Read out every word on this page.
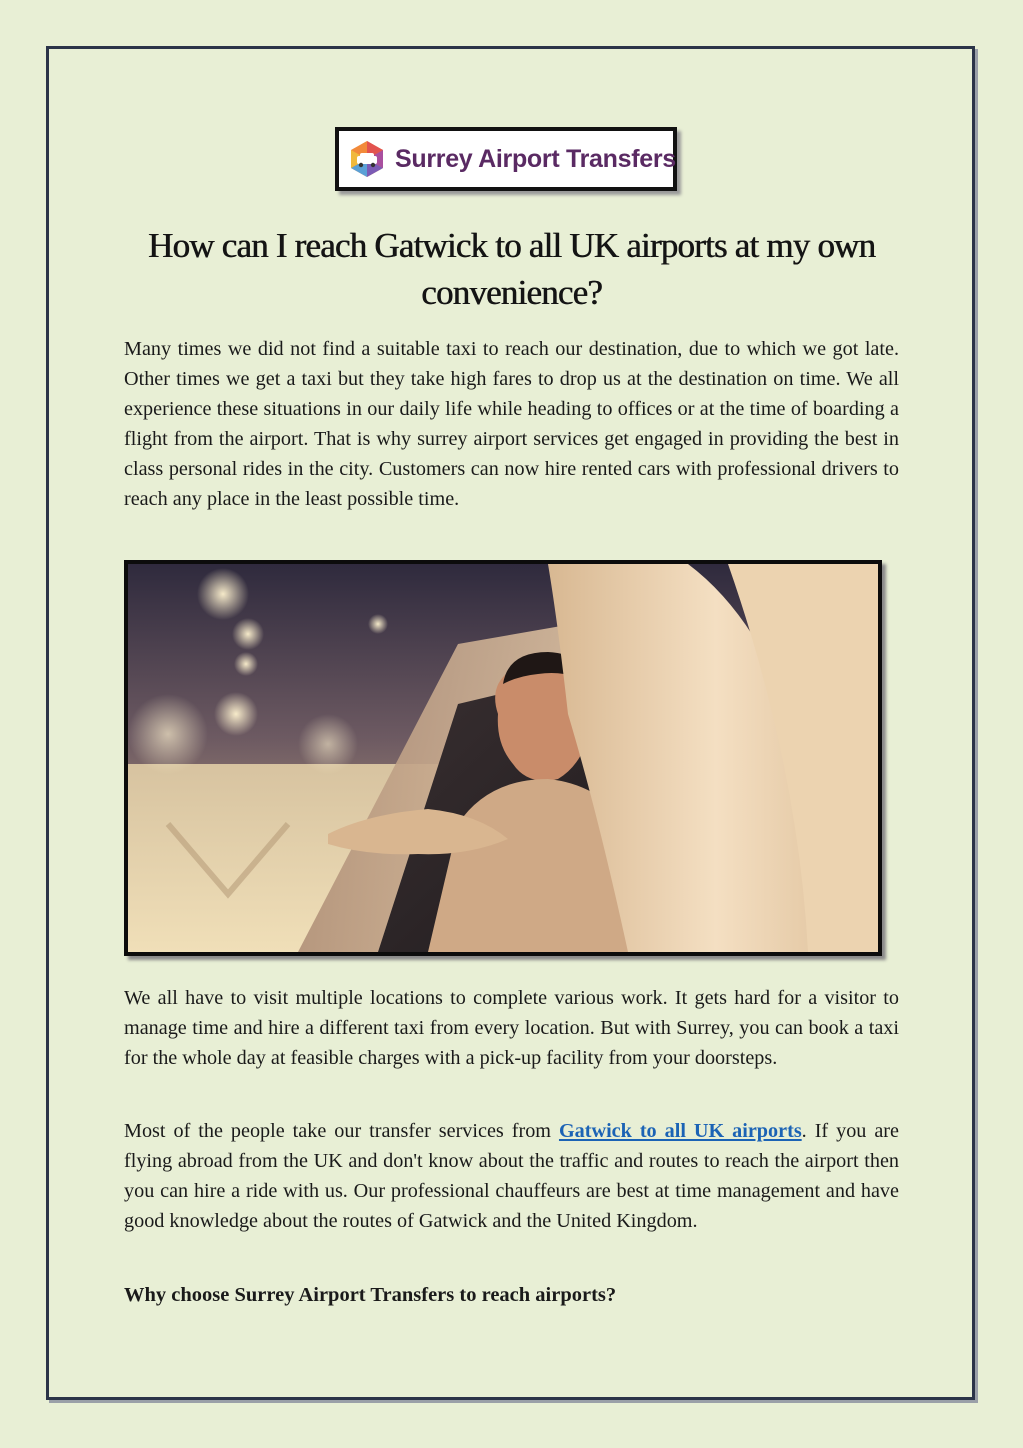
Surrey Airport Transfers
How can I reach Gatwick to all UK airports at my own convenience?

Many times we did not find a suitable taxi to reach our destination, due to which we got late. Other times we get a taxi but they take high fares to drop us at the destination on time. We all experience these situations in our daily life while heading to offices or at the time of boarding a flight from the airport. That is why surrey airport services get engaged in providing the best in class personal rides in the city. Customers can now hire rented cars with professional drivers to reach any place in the least possible time.

We all have to visit multiple locations to complete various work. It gets hard for a visitor to manage time and hire a different taxi from every location. But with Surrey, you can book a taxi for the whole day at feasible charges with a pick-up facility from your doorsteps.

Most of the people take our transfer services from Gatwick to all UK airports. If you are flying abroad from the UK and don't know about the traffic and routes to reach the airport then you can hire a ride with us. Our professional chauffeurs are best at time management and have good knowledge about the routes of Gatwick and the United Kingdom.

Why choose Surrey Airport Transfers to reach airports?
